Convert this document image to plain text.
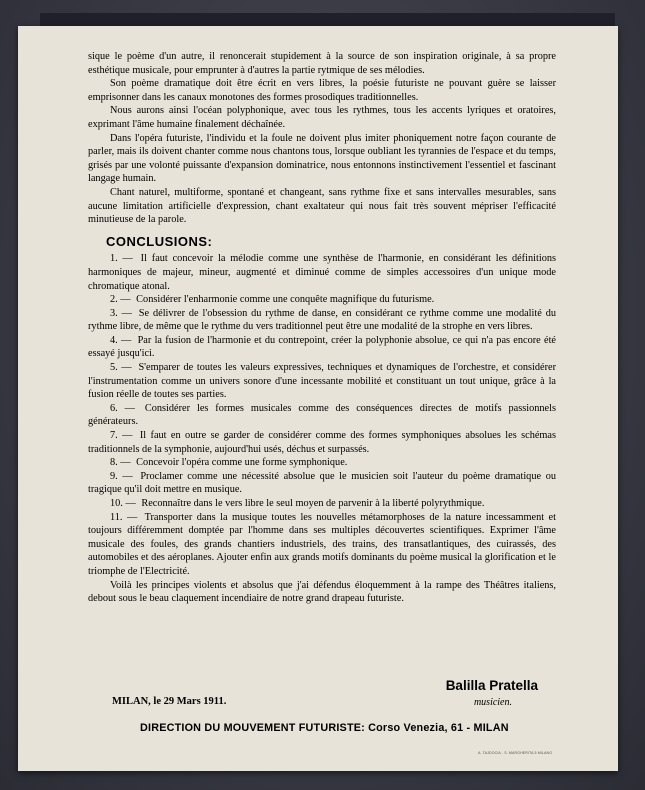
sique le poème d'un autre, il renoncerait stupidement à la source de son inspiration originale, à sa propre esthétique musicale, pour emprunter à d'autres la partie rytmique de ses mélodies.

Son poème dramatique doit être écrit en vers libres, la poésie futuriste ne pouvant guère se laisser emprisonner dans les canaux monotones des formes prosodiques traditionnelles.

Nous aurons ainsi l'océan polyphonique, avec tous les rythmes, tous les accents lyriques et oratoires, exprimant l'âme humaine finalement déchaînée.

Dans l'opéra futuriste, l'individu et la foule ne doivent plus imiter phoniquement notre façon courante de parler, mais ils doivent chanter comme nous chantons tous, lorsque oubliant les tyrannies de l'espace et du temps, grisés par une volonté puissante d'expansion dominatrice, nous entonnons instinctivement l'essentiel et fascinant langage humain.

Chant naturel, multiforme, spontané et changeant, sans rythme fixe et sans intervalles mesurables, sans aucune limitation artificielle d'expression, chant exaltateur qui nous fait très souvent mépriser l'efficacité minutieuse de la parole.

CONCLUSIONS:

1. — Il faut concevoir la mélodie comme une synthèse de l'harmonie, en considérant les définitions harmoniques de majeur, mineur, augmenté et diminué comme de simples accessoires d'un unique mode chromatique atonal.

2. — Considérer l'enharmonie comme une conquête magnifique du futurisme.

3. — Se délivrer de l'obsession du rythme de danse, en considérant ce rythme comme une modalité du rythme libre, de même que le rythme du vers traditionnel peut être une modalité de la strophe en vers libres.

4. — Par la fusion de l'harmonie et du contrepoint, créer la polyphonie absolue, ce qui n'a pas encore été essayé jusqu'ici.

5. — S'emparer de toutes les valeurs expressives, techniques et dynamiques de l'orchestre, et considérer l'instrumentation comme un univers sonore d'une incessante mobilité et constituant un tout unique, grâce à la fusion réelle de toutes ses parties.

6. — Considérer les formes musicales comme des conséquences directes de motifs passionnels générateurs.

7. — Il faut en outre se garder de considérer comme des formes symphoniques absolues les schémas traditionnels de la symphonie, aujourd'hui usés, déchus et surpassés.

8. — Concevoir l'opéra comme une forme symphonique.

9. — Proclamer comme une nécessité absolue que le musicien soit l'auteur du poème dramatique ou tragique qu'il doit mettre en musique.

10. — Reconnaître dans le vers libre le seul moyen de parvenir à la liberté polyrythmique.

11. — Transporter dans la musique toutes les nouvelles métamorphoses de la nature incessamment et toujours différemment domptée par l'homme dans ses multiples découvertes scientifiques. Exprimer l'âme musicale des foules, des grands chantiers industriels, des trains, des transatlantiques, des cuirassés, des automobiles et des aéroplanes. Ajouter enfin aux grands motifs dominants du poème musical la glorification et le triomphe de l'Electricité.

Voilà les principes violents et absolus que j'ai défendus éloquemment à la rampe des Théâtres italiens, debout sous le beau claquement incendiaire de notre grand drapeau futuriste.

MILAN, le 29 Mars 1911.
Balilla Pratella
musicien.
DIRECTION DU MOUVEMENT FUTURISTE: Corso Venezia, 61 - MILAN
A. TAJDOCIA - S. MARGHERITA 5 MILANO
